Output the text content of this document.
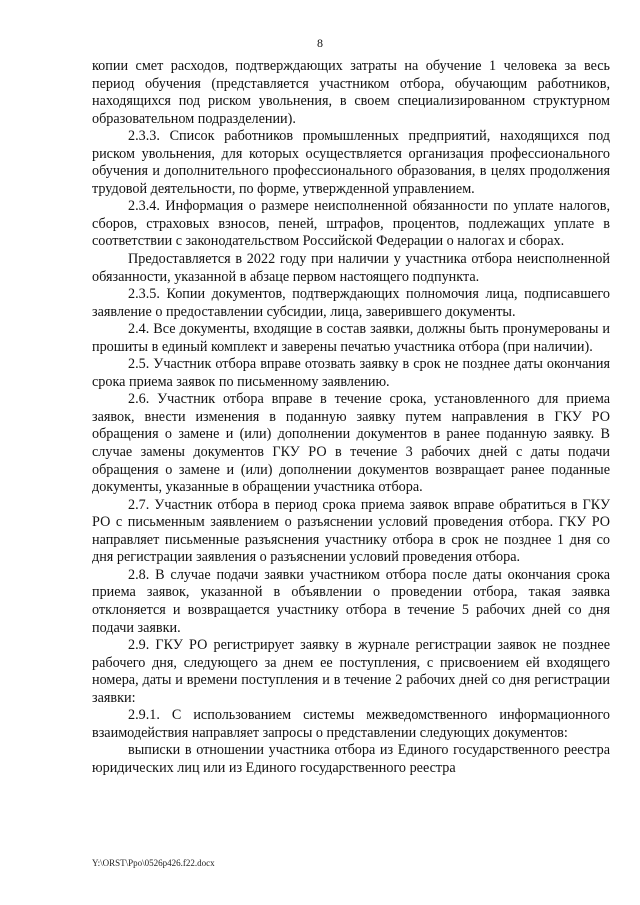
8

копии смет расходов, подтверждающих затраты на обучение 1 человека за весь период обучения (представляется участником отбора, обучающим работников, находящихся под риском увольнения, в своем специализированном структурном образовательном подразделении).

2.3.3. Список работников промышленных предприятий, находящихся под риском увольнения, для которых осуществляется организация профессионального обучения и дополнительного профессионального образования, в целях продолжения трудовой деятельности, по форме, утвержденной управлением.

2.3.4. Информация о размере неисполненной обязанности по уплате налогов, сборов, страховых взносов, пеней, штрафов, процентов, подлежащих уплате в соответствии с законодательством Российской Федерации о налогах и сборах.

Предоставляется в 2022 году при наличии у участника отбора неисполненной обязанности, указанной в абзаце первом настоящего подпункта.

2.3.5. Копии документов, подтверждающих полномочия лица, подписавшего заявление о предоставлении субсидии, лица, заверившего документы.

2.4. Все документы, входящие в состав заявки, должны быть пронумерованы и прошиты в единый комплект и заверены печатью участника отбора (при наличии).

2.5. Участник отбора вправе отозвать заявку в срок не позднее даты окончания срока приема заявок по письменному заявлению.

2.6. Участник отбора вправе в течение срока, установленного для приема заявок, внести изменения в поданную заявку путем направления в ГКУ РО обращения о замене и (или) дополнении документов в ранее поданную заявку. В случае замены документов ГКУ РО в течение 3 рабочих дней с даты подачи обращения о замене и (или) дополнении документов возвращает ранее поданные документы, указанные в обращении участника отбора.

2.7. Участник отбора в период срока приема заявок вправе обратиться в ГКУ РО с письменным заявлением о разъяснении условий проведения отбора. ГКУ РО направляет письменные разъяснения участнику отбора в срок не позднее 1 дня со дня регистрации заявления о разъяснении условий проведения отбора.

2.8. В случае подачи заявки участником отбора после даты окончания срока приема заявок, указанной в объявлении о проведении отбора, такая заявка отклоняется и возвращается участнику отбора в течение 5 рабочих дней со дня подачи заявки.

2.9. ГКУ РО регистрирует заявку в журнале регистрации заявок не позднее рабочего дня, следующего за днем ее поступления, с присвоением ей входящего номера, даты и времени поступления и в течение 2 рабочих дней со дня регистрации заявки:

2.9.1. С использованием системы межведомственного информационного взаимодействия направляет запросы о представлении следующих документов:

выписки в отношении участника отбора из Единого государственного реестра юридических лиц или из Единого государственного реестра

Y:\ORST\Ppo\0526p426.f22.docx
